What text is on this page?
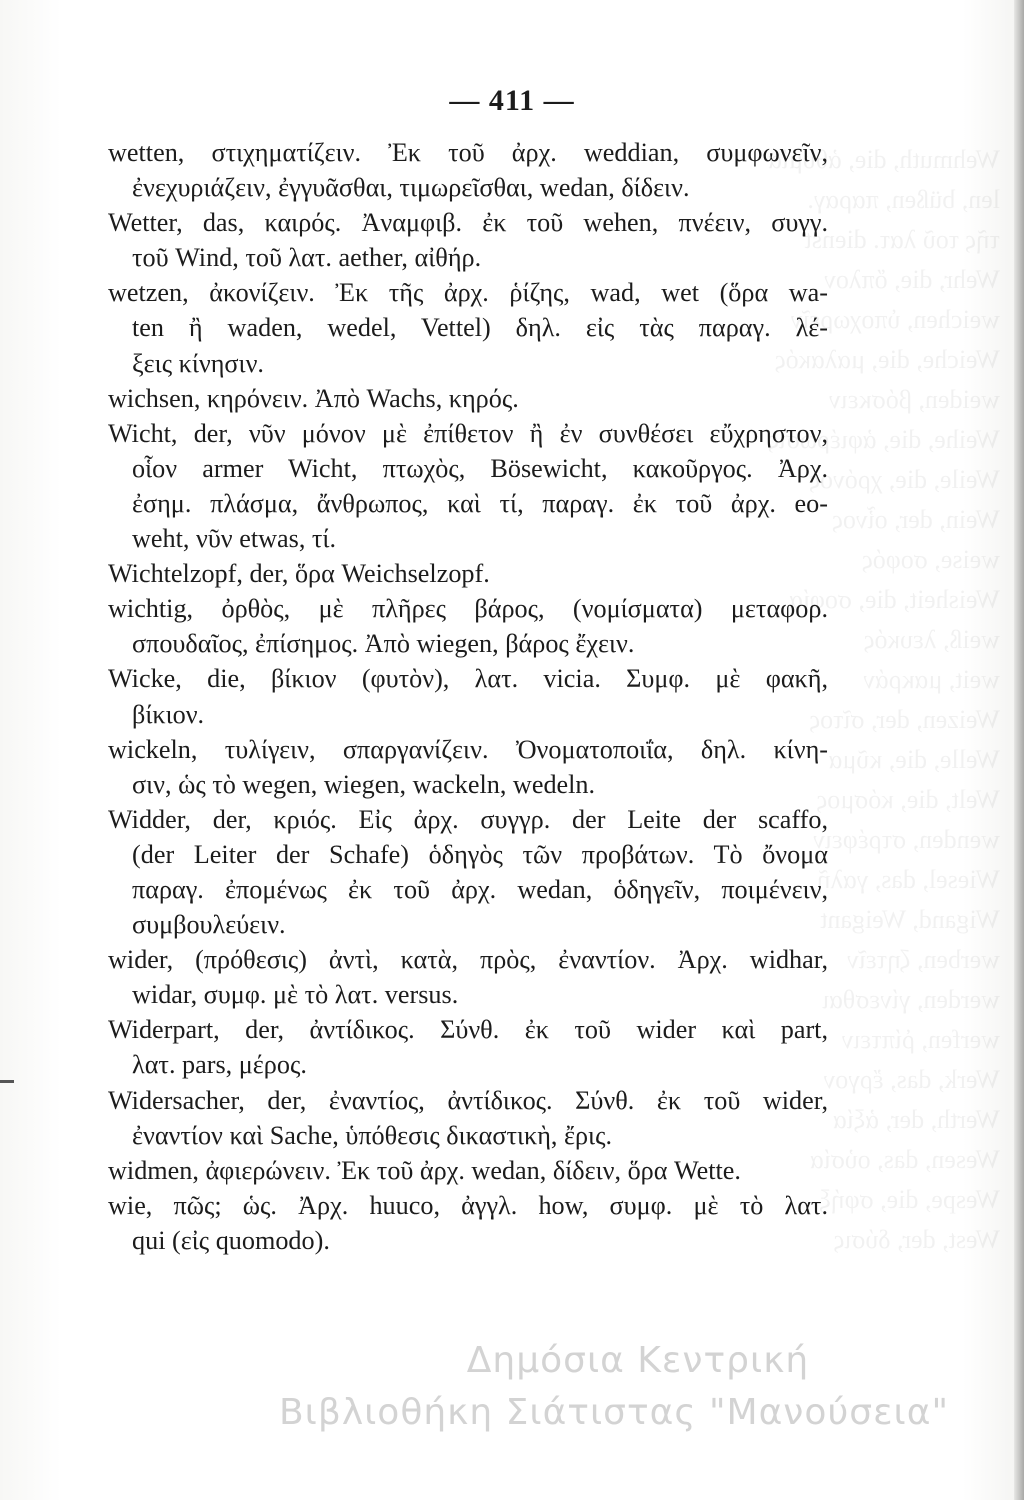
Wehmuth, die, ἀθυμία
len, büßen, παραγ.
τῆς τοῦ λατ. dienst
Wehr, die, ὅπλον
weichen, ὑποχωρεῖν
Weiche, die, μαλακός
weiden, βόσκειν
Weihe, die, ἀφιέρωσις
Weile, die, χρόνος
Wein, der, οἶνος
weise, σοφός
Weisheit, die, σοφία
weiß, λευκός
weit, μακράν
Weizen, der, σῖτος
Welle, die, κῦμα
Welt, die, κόσμος
wenden, στρέφειν
Wiesel, das, γαλῆ
Wigand, Weigant
werben, ζητεῖν
werden, γίνεσθαι
werfen, ῥίπτειν
Werk, das, ἔργον
Werth, der, ἀξία
Wesen, das, οὐσία
Wespe, die, σφήξ
West, der, δύσις
— 411 —
wetten, στιχηματίζειν. Ἐκ τοῦ ἀρχ. weddian, συμφωνεῖν,
ἐνεχυριάζειν, ἐγγυᾶσθαι, τιμωρεῖσθαι, wedan, δίδειν.
Wetter, das, καιρός. Ἀναμφιβ. ἐκ τοῦ wehen, πνέειν, συγγ.
τοῦ Wind, τοῦ λατ. aether, αἰθήρ.
wetzen, ἀκονίζειν. Ἐκ τῆς ἀρχ. ῥίζης, wad, wet (ὅρα wa-
ten ἢ waden, wedel, Vettel) δηλ. εἰς τὰς παραγ. λέ-
ξεις κίνησιν.
wichsen, κηρόνειν. Ἀπὸ Wachs, κηρός.
Wicht, der, νῦν μόνον μὲ ἐπίθετον ἢ ἐν συνθέσει εὔχρηστον,
οἷον armer Wicht, πτωχὸς, Bösewicht, κακοῦργος. Ἀρχ.
ἐσημ. πλάσμα, ἄνθρωπος, καὶ τί, παραγ. ἐκ τοῦ ἀρχ. eo-
weht, νῦν etwas, τί.
Wichtelzopf, der, ὅρα Weichselzopf.
wichtig, ὀρθὸς, μὲ πλῆρες βάρος, (νομίσματα) μεταφορ.
σπουδαῖος, ἐπίσημος. Ἀπὸ wiegen, βάρος ἔχειν.
Wicke, die, βίκιον (φυτὸν), λατ. vicia. Συμφ. μὲ φακῆ,
βίκιον.
wickeln, τυλίγειν, σπαργανίζειν. Ὀνοματοποιΐα, δηλ. κίνη-
σιν, ὡς τὸ wegen, wiegen, wackeln, wedeln.
Widder, der, κριός. Εἰς ἀρχ. συγγρ. der Leite der scaffo,
(der Leiter der Schafe) ὁδηγὸς τῶν προβάτων. Τὸ ὄνομα
παραγ. ἐπομένως ἐκ τοῦ ἀρχ. wedan, ὁδηγεῖν, ποιμένειν,
συμβουλεύειν.
wider, (πρόθεσις) ἀντὶ, κατὰ, πρὸς, ἐναντίον. Ἀρχ. widhar,
widar, συμφ. μὲ τὸ λατ. versus.
Widerpart, der, ἀντίδικος. Σύνθ. ἐκ τοῦ wider καὶ part,
λατ. pars, μέρος.
Widersacher, der, ἐναντίος, ἀντίδικος. Σύνθ. ἐκ τοῦ wider,
ἐναντίον καὶ Sache, ὑπόθεσις δικαστικὴ, ἔρις.
widmen, ἀφιερώνειν. Ἐκ τοῦ ἀρχ. wedan, δίδειν, ὅρα Wette.
wie, πῶς; ὡς. Ἀρχ. huuco, ἀγγλ. how, συμφ. μὲ τὸ λατ.
qui (εἰς quomodo).
Δημόσια Κεντρική
Βιβλιοθήκη Σιάτιστας "Μανούσεια"
